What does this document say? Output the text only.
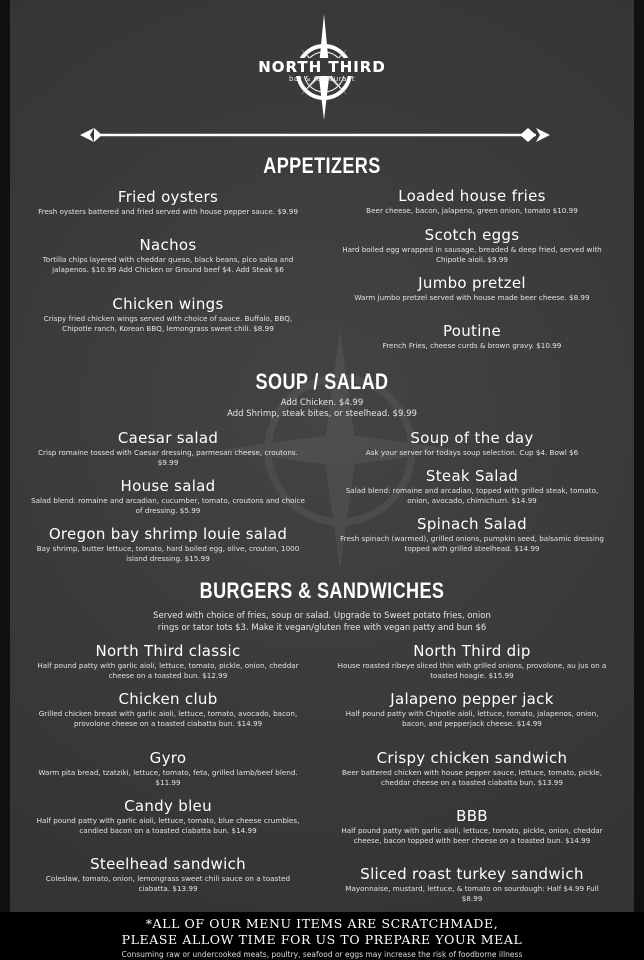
NORTH THIRD
bar & restaurant
APPETIZERS
Fried oysters
Fresh oysters battered and fried served with house pepper sauce. $9.99
Nachos
Tortilla chips layered with cheddar queso, black beans, pico salsa and jalapenos. $10.99 Add Chicken or Ground beef $4. Add Steak $6
Chicken wings
Crispy fried chicken wings served with choice of sauce. Buffalo, BBQ, Chipotle ranch, Korean BBQ, lemongrass sweet chili. $8.99
Loaded house fries
Beer cheese, bacon, jalapeno, green onion, tomato $10.99
Scotch eggs
Hard boiled egg wrapped in sausage, breaded & deep fried, served with Chipotle aioli. $9.99
Jumbo pretzel
Warm jumbo pretzel served with house made beer cheese. $8.99
Poutine
French Fries, cheese curds & brown gravy. $10.99
SOUP / SALAD
Add Chicken. $4.99
Add Shrimp, steak bites, or steelhead. $9.99
Caesar salad
Crisp romaine tossed with Caesar dressing, parmesan cheese, croutons. $9.99
House salad
Salad blend: romaine and arcadian, cucumber, tomato, croutons and choice of dressing. $5.99
Oregon bay shrimp louie salad
Bay shrimp, butter lettuce, tomato, hard boiled egg, olive, crouton, 1000 island dressing. $15.99
Soup of the day
Ask your server for todays soup selection. Cup $4. Bowl $6
Steak Salad
Salad blend: romaine and arcadian, topped with grilled steak, tomato, onion, avocado, chimichurri. $14.99
Spinach Salad
Fresh spinach (warmed), grilled onions, pumpkin seed, balsamic dressing topped with grilled steelhead. $14.99
BURGERS & SANDWICHES
Served with choice of fries, soup or salad. Upgrade to Sweet potato fries, onion
rings or tator tots $3. Make it vegan/gluten free with vegan patty and bun $6
North Third classic
Half pound patty with garlic aioli, lettuce, tomato, pickle, onion, cheddar cheese on a toasted bun. $12.99
Chicken club
Grilled chicken breast with garlic aioli, lettuce, tomato, avocado, bacon, provolone cheese on a toasted ciabatta bun. $14.99
Gyro
Warm pita bread, tzatziki, lettuce, tomato, feta, grilled lamb/beef blend. $11.99
Candy bleu
Half pound patty with garlic aioli, lettuce, tomato, blue cheese crumbles, candied bacon on a toasted ciabatta bun. $14.99
Steelhead sandwich
Coleslaw, tomato, onion, lemongrass sweet chili sauce on a toasted ciabatta. $13.99
North Third dip
House roasted ribeye sliced thin with grilled onions, provolone, au jus on a toasted hoagie. $15.99
Jalapeno pepper jack
Half pound patty with Chipotle aioli, lettuce, tomato, jalapenos, onion, bacon, and pepperjack cheese. $14.99
Crispy chicken sandwich
Beer battered chicken with house pepper sauce, lettuce, tomato, pickle, cheddar cheese on a toasted ciabatta bun. $13.99
BBB
Half pound patty with garlic aioli, lettuce, tomato, pickle, onion, cheddar cheese, bacon topped with beer cheese on a toasted bun. $14.99
Sliced roast turkey sandwich
Mayonnaise, mustard, lettuce, & tomato on sourdough: Half $4.99 Full $8.99
*ALL OF OUR MENU ITEMS ARE SCRATCHMADE,
PLEASE ALLOW TIME FOR US TO PREPARE YOUR MEAL
Consuming raw or undercooked meats, poultry, seafood or eggs may increase the risk of foodborne illness
